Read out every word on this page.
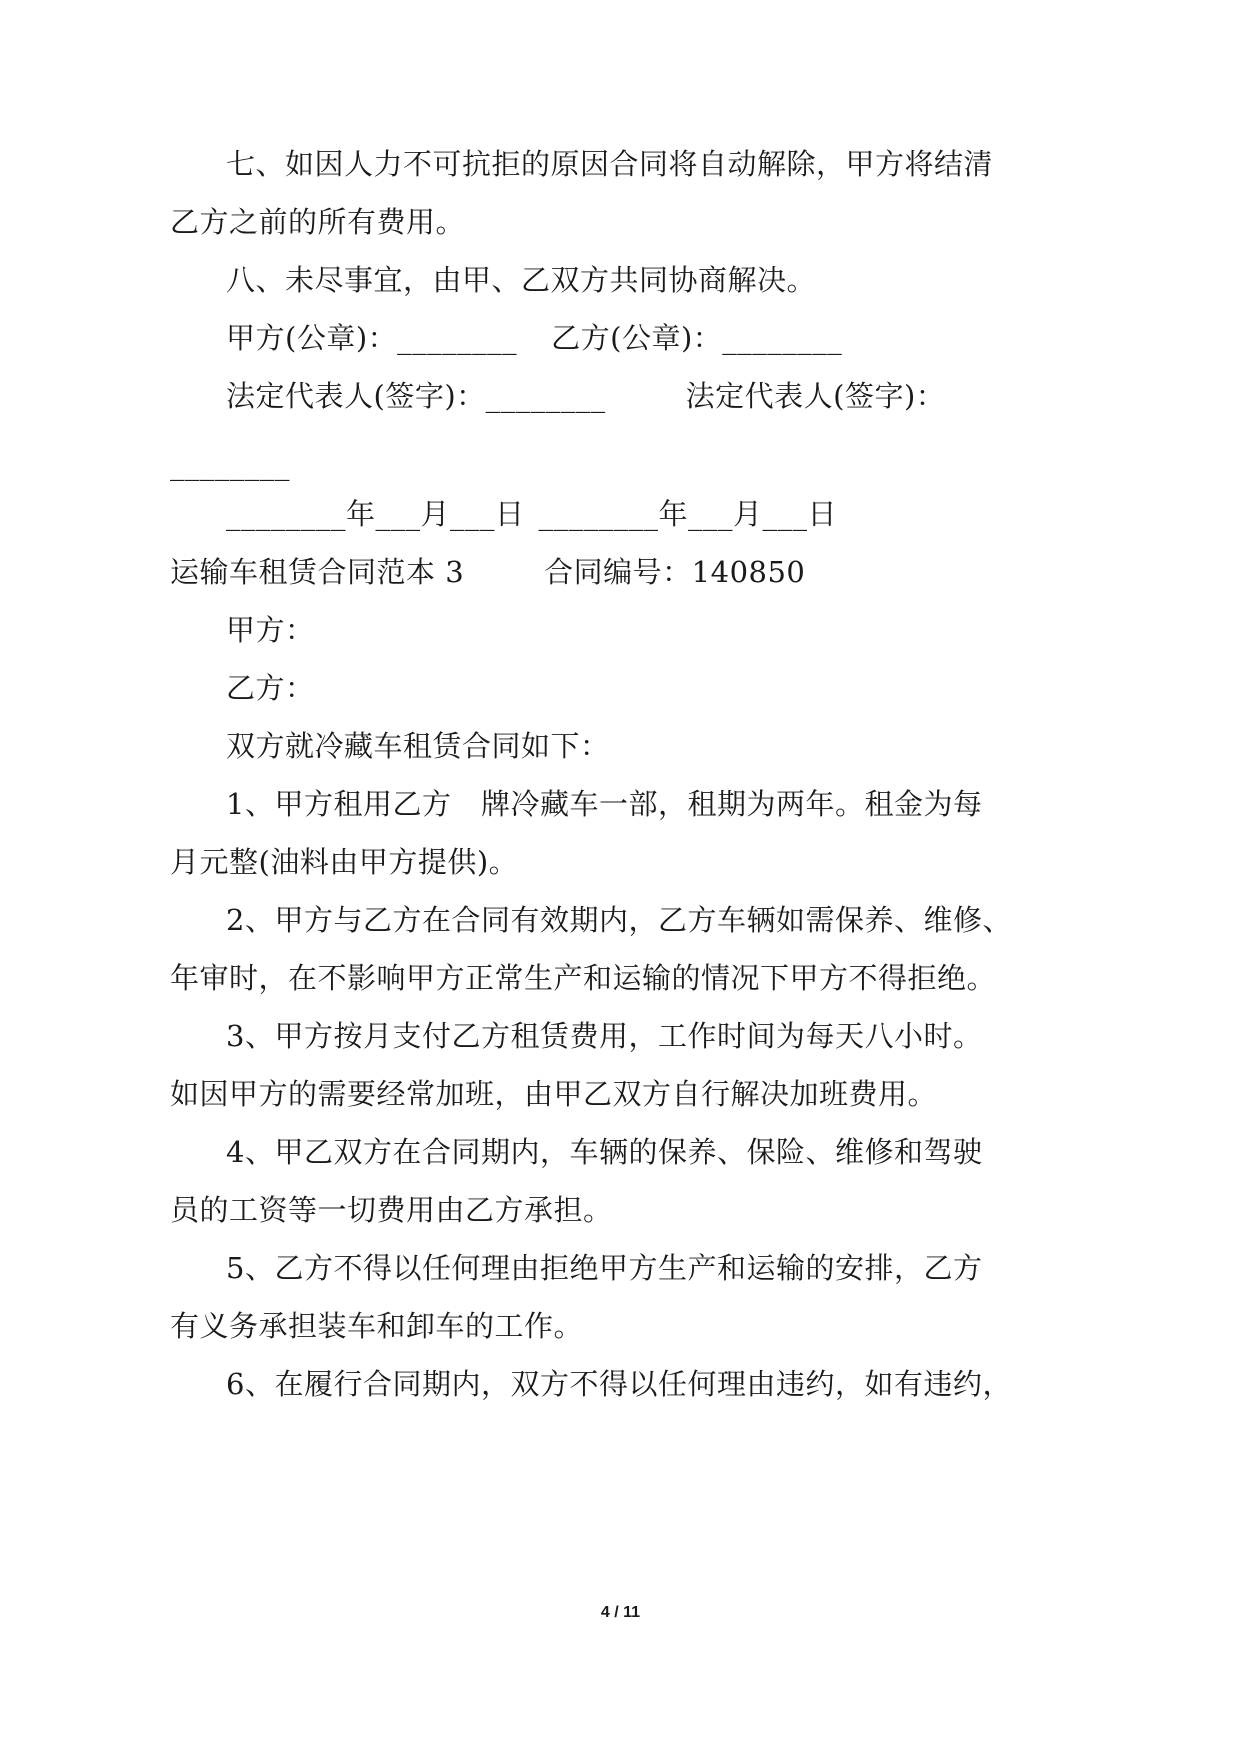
七、如因人力不可抗拒的原因合同将自动解除，甲方将结清
乙方之前的所有费用。
八、未尽事宜，由甲、乙双方共同协商解决。
甲方(公章)：________ 乙方(公章)：________
法定代表人(签字)：________	法定代表人(签字)：
________
________年___月___日 ________年___月___日
运输车租赁合同范本 3	合同编号：140850
甲方：
乙方：
双方就冷藏车租赁合同如下：
1、甲方租用乙方　牌冷藏车一部，租期为两年。租金为每
月元整(油料由甲方提供)。
2、甲方与乙方在合同有效期内，乙方车辆如需保养、维修、
年审时，在不影响甲方正常生产和运输的情况下甲方不得拒绝。
3、甲方按月支付乙方租赁费用，工作时间为每天八小时。
如因甲方的需要经常加班，由甲乙双方自行解决加班费用。
4、甲乙双方在合同期内，车辆的保养、保险、维修和驾驶
员的工资等一切费用由乙方承担。
5、乙方不得以任何理由拒绝甲方生产和运输的安排，乙方
有义务承担装车和卸车的工作。
6、在履行合同期内，双方不得以任何理由违约，如有违约，
4 / 11
